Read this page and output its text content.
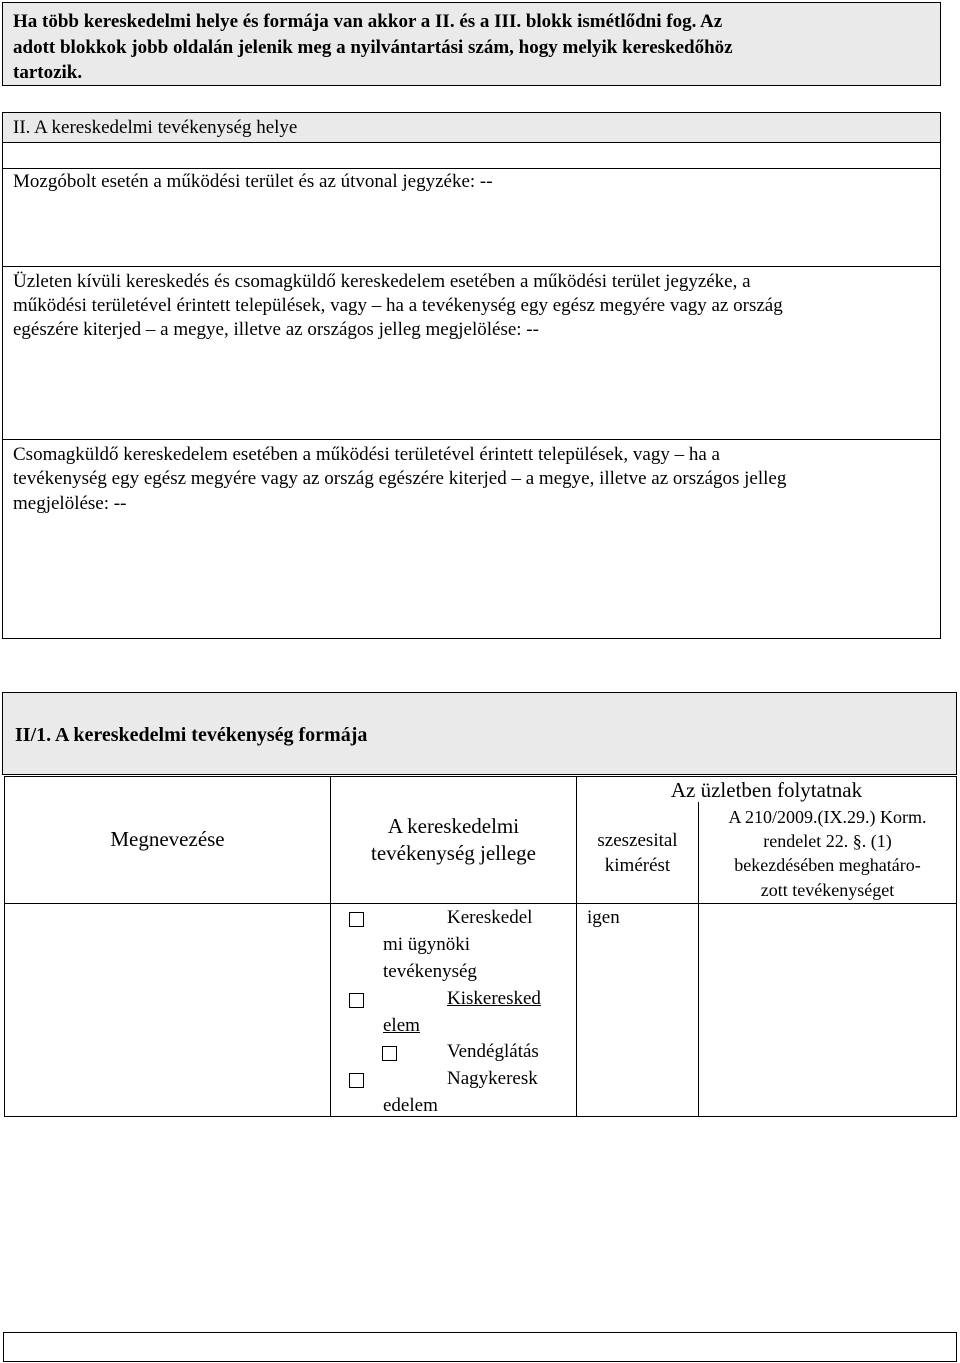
Ha több kereskedelmi helye és formája van akkor a II. és a III. blokk ismétlődni fog. Az
adott blokkok jobb oldalán jelenik meg a nyilvántartási szám, hogy melyik kereskedőhöz
tartozik.
II. A kereskedelmi tevékenység helye
Mozgóbolt esetén a működési terület és az útvonal jegyzéke: --
Üzleten kívüli kereskedés és csomagküldő kereskedelem esetében a működési terület jegyzéke, a
működési területével érintett települések, vagy – ha a tevékenység egy egész megyére vagy az ország
egészére kiterjed – a megye, illetve az országos jelleg megjelölése: --
Csomagküldő kereskedelem esetében a működési területével érintett települések, vagy – ha a
tevékenység egy egész megyére vagy az ország egészére kiterjed – a megye, illetve az országos jelleg
megjelölése: --
II/1. A kereskedelmi tevékenység formája
Megnevezése
A kereskedelmi
tevékenység jellege
Az üzletben folytatnak
szeszesital
kimérést
A 210/2009.(IX.29.) Korm.
rendelet 22. §. (1)
bekezdésében meghatáro-
zott tevékenységet
Kereskedel
mi ügynöki
tevékenység
Kiskeresked
elem
Vendéglátás
Nagykeresk
edelem
igen
